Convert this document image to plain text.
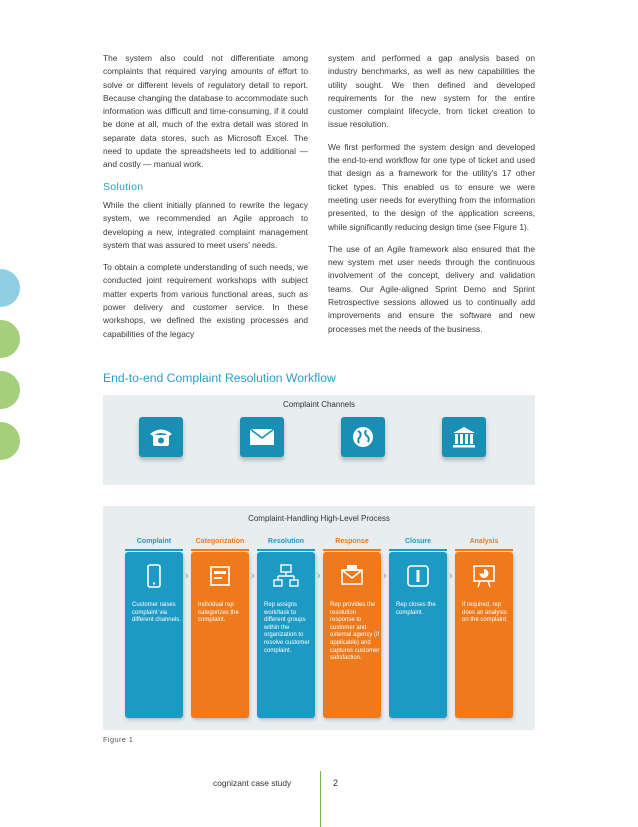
The system also could not differentiate among complaints that required varying amounts of effort to solve or different levels of regulatory detail to report. Because changing the database to accommodate such information was difficult and time-consuming, if it could be done at all, much of the extra detail was stored in separate data stores, such as Microsoft Excel. The need to update the spreadsheets led to additional — and costly — manual work.

Solution

While the client initially planned to rewrite the legacy system, we recommended an Agile approach to developing a new, integrated complaint management system that was assured to meet users' needs.

To obtain a complete understanding of such needs, we conducted joint requirement workshops with subject matter experts from various functional areas, such as power delivery and customer service. In these workshops, we defined the existing processes and capabilities of the legacy

system and performed a gap analysis based on industry benchmarks, as well as new capabilities the utility sought. We then defined and developed requirements for the new system for the entire customer complaint lifecycle, from ticket creation to issue resolution.

We first performed the system design and developed the end-to-end workflow for one type of ticket and used that design as a framework for the utility's 17 other ticket types. This enabled us to ensure we were meeting user needs for everything from the information presented, to the design of the application screens, while significantly reducing design time (see Figure 1).

The use of an Agile framework also ensured that the new system met user needs through the continuous involvement of the concept, delivery and validation teams. Our Agile-aligned Sprint Demo and Sprint Retrospective sessions allowed us to continually add improvements and ensure the software and new processes met the needs of the business.

End-to-end Complaint Resolution Workflow
Complaint Channels
Complaint-Handling High-Level Process
Complaint
Customer raises complaint via different channels.
›
Categorization
Individual rep categorizes the complaint.
›
Resolution
Rep assigns work/task to different groups within the organization to resolve customer complaint.
›
Response
Rep provides the resolution response to customer and external agency (if applicable) and captures customer satisfaction.
›
Closure
Rep closes the complaint.
›
Analysis
If required, rep does an analysis on the complaint.
Figure 1
cognizant case study	2
